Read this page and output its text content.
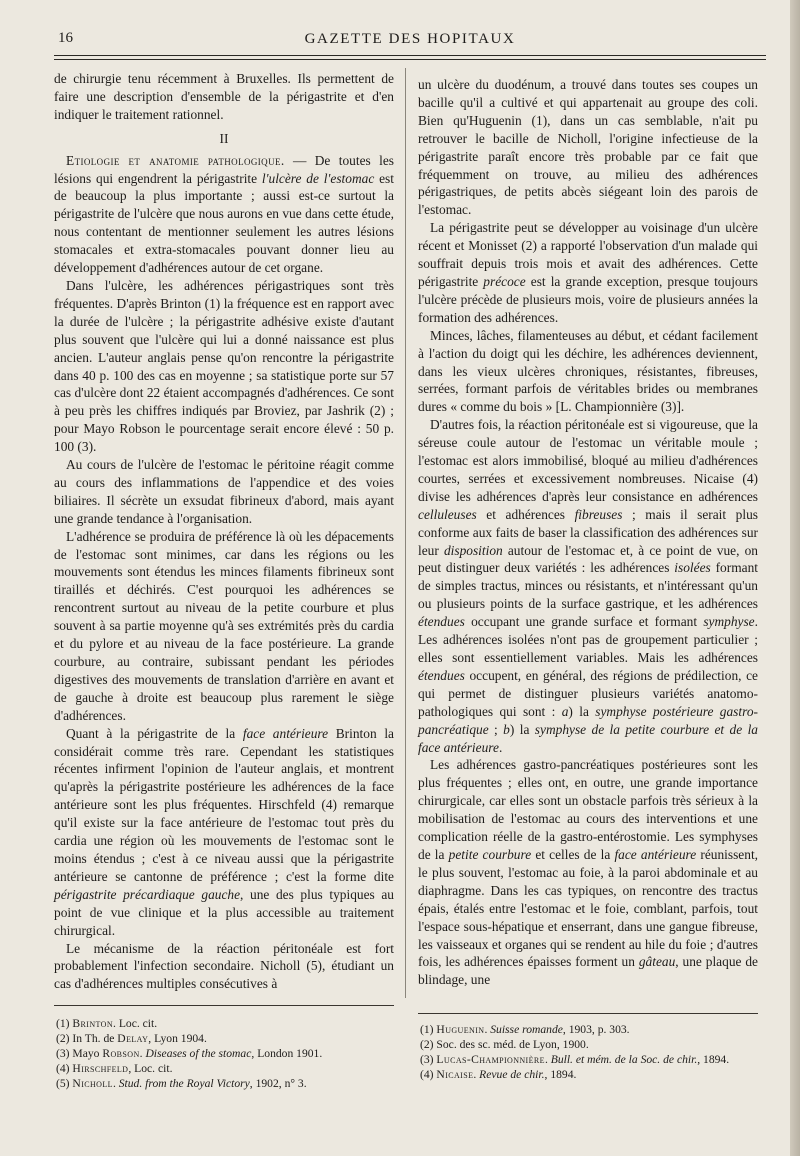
16	GAZETTE DES HOPITAUX

de chirurgie tenu récemment à Bruxelles. Ils permettent de faire une description d'ensemble de la périgastrite et d'en indiquer le traitement rationnel.

II

Etiologie et anatomie pathologique. — De toutes les lésions qui engendrent la périgastrite l'ulcère de l'estomac est de beaucoup la plus importante ; aussi est-ce surtout la périgastrite de l'ulcère que nous aurons en vue dans cette étude, nous contentant de mentionner seulement les autres lésions stomacales et extra-stomacales pouvant donner lieu au développement d'adhérences autour de cet organe.

Dans l'ulcère, les adhérences périgastriques sont très fréquentes. D'après Brinton (1) la fréquence est en rapport avec la durée de l'ulcère ; la périgastrite adhésive existe d'autant plus souvent que l'ulcère qui lui a donné naissance est plus ancien. L'auteur anglais pense qu'on rencontre la périgastrite dans 40 p. 100 des cas en moyenne ; sa statistique porte sur 57 cas d'ulcère dont 22 étaient accompagnés d'adhérences. Ce sont à peu près les chiffres indiqués par Broviez, par Jashrik (2) ; pour Mayo Robson le pourcentage serait encore élevé : 50 p. 100 (3).

Au cours de l'ulcère de l'estomac le péritoine réagit comme au cours des inflammations de l'appendice et des voies biliaires. Il sécrète un exsudat fibrineux d'abord, mais ayant une grande tendance à l'organisation.

L'adhérence se produira de préférence là où les dépacements de l'estomac sont minimes, car dans les régions ou les mouvements sont étendus les minces filaments fibrineux sont tiraillés et déchirés. C'est pourquoi les adhérences se rencontrent surtout au niveau de la petite courbure et plus souvent à sa partie moyenne qu'à ses extrémités près du cardia et du pylore et au niveau de la face postérieure. La grande courbure, au contraire, subissant pendant les périodes digestives des mouvements de translation d'arrière en avant et de gauche à droite est beaucoup plus rarement le siège d'adhérences.

Quant à la périgastrite de la face antérieure Brinton la considérait comme très rare. Cependant les statistiques récentes infirment l'opinion de l'auteur anglais, et montrent qu'après la périgastrite postérieure les adhérences de la face antérieure sont les plus fréquentes. Hirschfeld (4) remarque qu'il existe sur la face antérieure de l'estomac tout près du cardia une région où les mouvements de l'estomac sont le moins étendus ; c'est à ce niveau aussi que la périgastrite antérieure se cantonne de préférence ; c'est la forme dite périgastrite précardiaque gauche, une des plus typiques au point de vue clinique et la plus accessible au traitement chirurgical.

Le mécanisme de la réaction péritonéale est fort probablement l'infection secondaire. Nicholl (5), étudiant un cas d'adhérences multiples consécutives à

un ulcère du duodénum, a trouvé dans toutes ses coupes un bacille qu'il a cultivé et qui appartenait au groupe des coli. Bien qu'Huguenin (1), dans un cas semblable, n'ait pu retrouver le bacille de Nicholl, l'origine infectieuse de la périgastrite paraît encore très probable par ce fait que fréquemment on trouve, au milieu des adhérences périgastriques, de petits abcès siégeant loin des parois de l'estomac.

La périgastrite peut se développer au voisinage d'un ulcère récent et Monisset (2) a rapporté l'observation d'un malade qui souffrait depuis trois mois et avait des adhérences. Cette périgastrite précoce est la grande exception, presque toujours l'ulcère précède de plusieurs mois, voire de plusieurs années la formation des adhérences.

Minces, lâches, filamenteuses au début, et cédant facilement à l'action du doigt qui les déchire, les adhérences deviennent, dans les vieux ulcères chroniques, résistantes, fibreuses, serrées, formant parfois de véritables brides ou membranes dures « comme du bois » [L. Championnière (3)].

D'autres fois, la réaction péritonéale est si vigoureuse, que la séreuse coule autour de l'estomac un véritable moule ; l'estomac est alors immobilisé, bloqué au milieu d'adhérences courtes, serrées et excessivement nombreuses. Nicaise (4) divise les adhérences d'après leur consistance en adhérences celluleuses et adhérences fibreuses ; mais il serait plus conforme aux faits de baser la classification des adhérences sur leur disposition autour de l'estomac et, à ce point de vue, on peut distinguer deux variétés : les adhérences isolées formant de simples tractus, minces ou résistants, et n'intéressant qu'un ou plusieurs points de la surface gastrique, et les adhérences étendues occupant une grande surface et formant symphyse. Les adhérences isolées n'ont pas de groupement particulier ; elles sont essentiellement variables. Mais les adhérences étendues occupent, en général, des régions de prédilection, ce qui permet de distinguer plusieurs variétés anatomo-pathologiques qui sont : a) la symphyse postérieure gastro-pancréatique ; b) la symphyse de la petite courbure et de la face antérieure.

Les adhérences gastro-pancréatiques postérieures sont les plus fréquentes ; elles ont, en outre, une grande importance chirurgicale, car elles sont un obstacle parfois très sérieux à la mobilisation de l'estomac au cours des interventions et une complication réelle de la gastro-entérostomie. Les symphyses de la petite courbure et celles de la face antérieure réunissent, le plus souvent, l'estomac au foie, à la paroi abdominale et au diaphragme. Dans les cas typiques, on rencontre des tractus épais, étalés entre l'estomac et le foie, comblant, parfois, tout l'espace sous-hépatique et enserrant, dans une gangue fibreuse, les vaisseaux et organes qui se rendent au hile du foie ; d'autres fois, les adhérences épaisses forment un gâteau, une plaque de blindage, une

(1) Brinton. Loc. cit.
(2) In Th. de Delay, Lyon 1904.
(3) Mayo Robson. Diseases of the stomac, London 1901.
(4) Hirschfeld, Loc. cit.
(5) Nicholl. Stud. from the Royal Victory, 1902, n° 3.
(1) Huguenin. Suisse romande, 1903, p. 303.
(2) Soc. des sc. méd. de Lyon, 1900.
(3) Lucas-Championnière. Bull. et mém. de la Soc. de chir., 1894.
(4) Nicaise. Revue de chir., 1894.
